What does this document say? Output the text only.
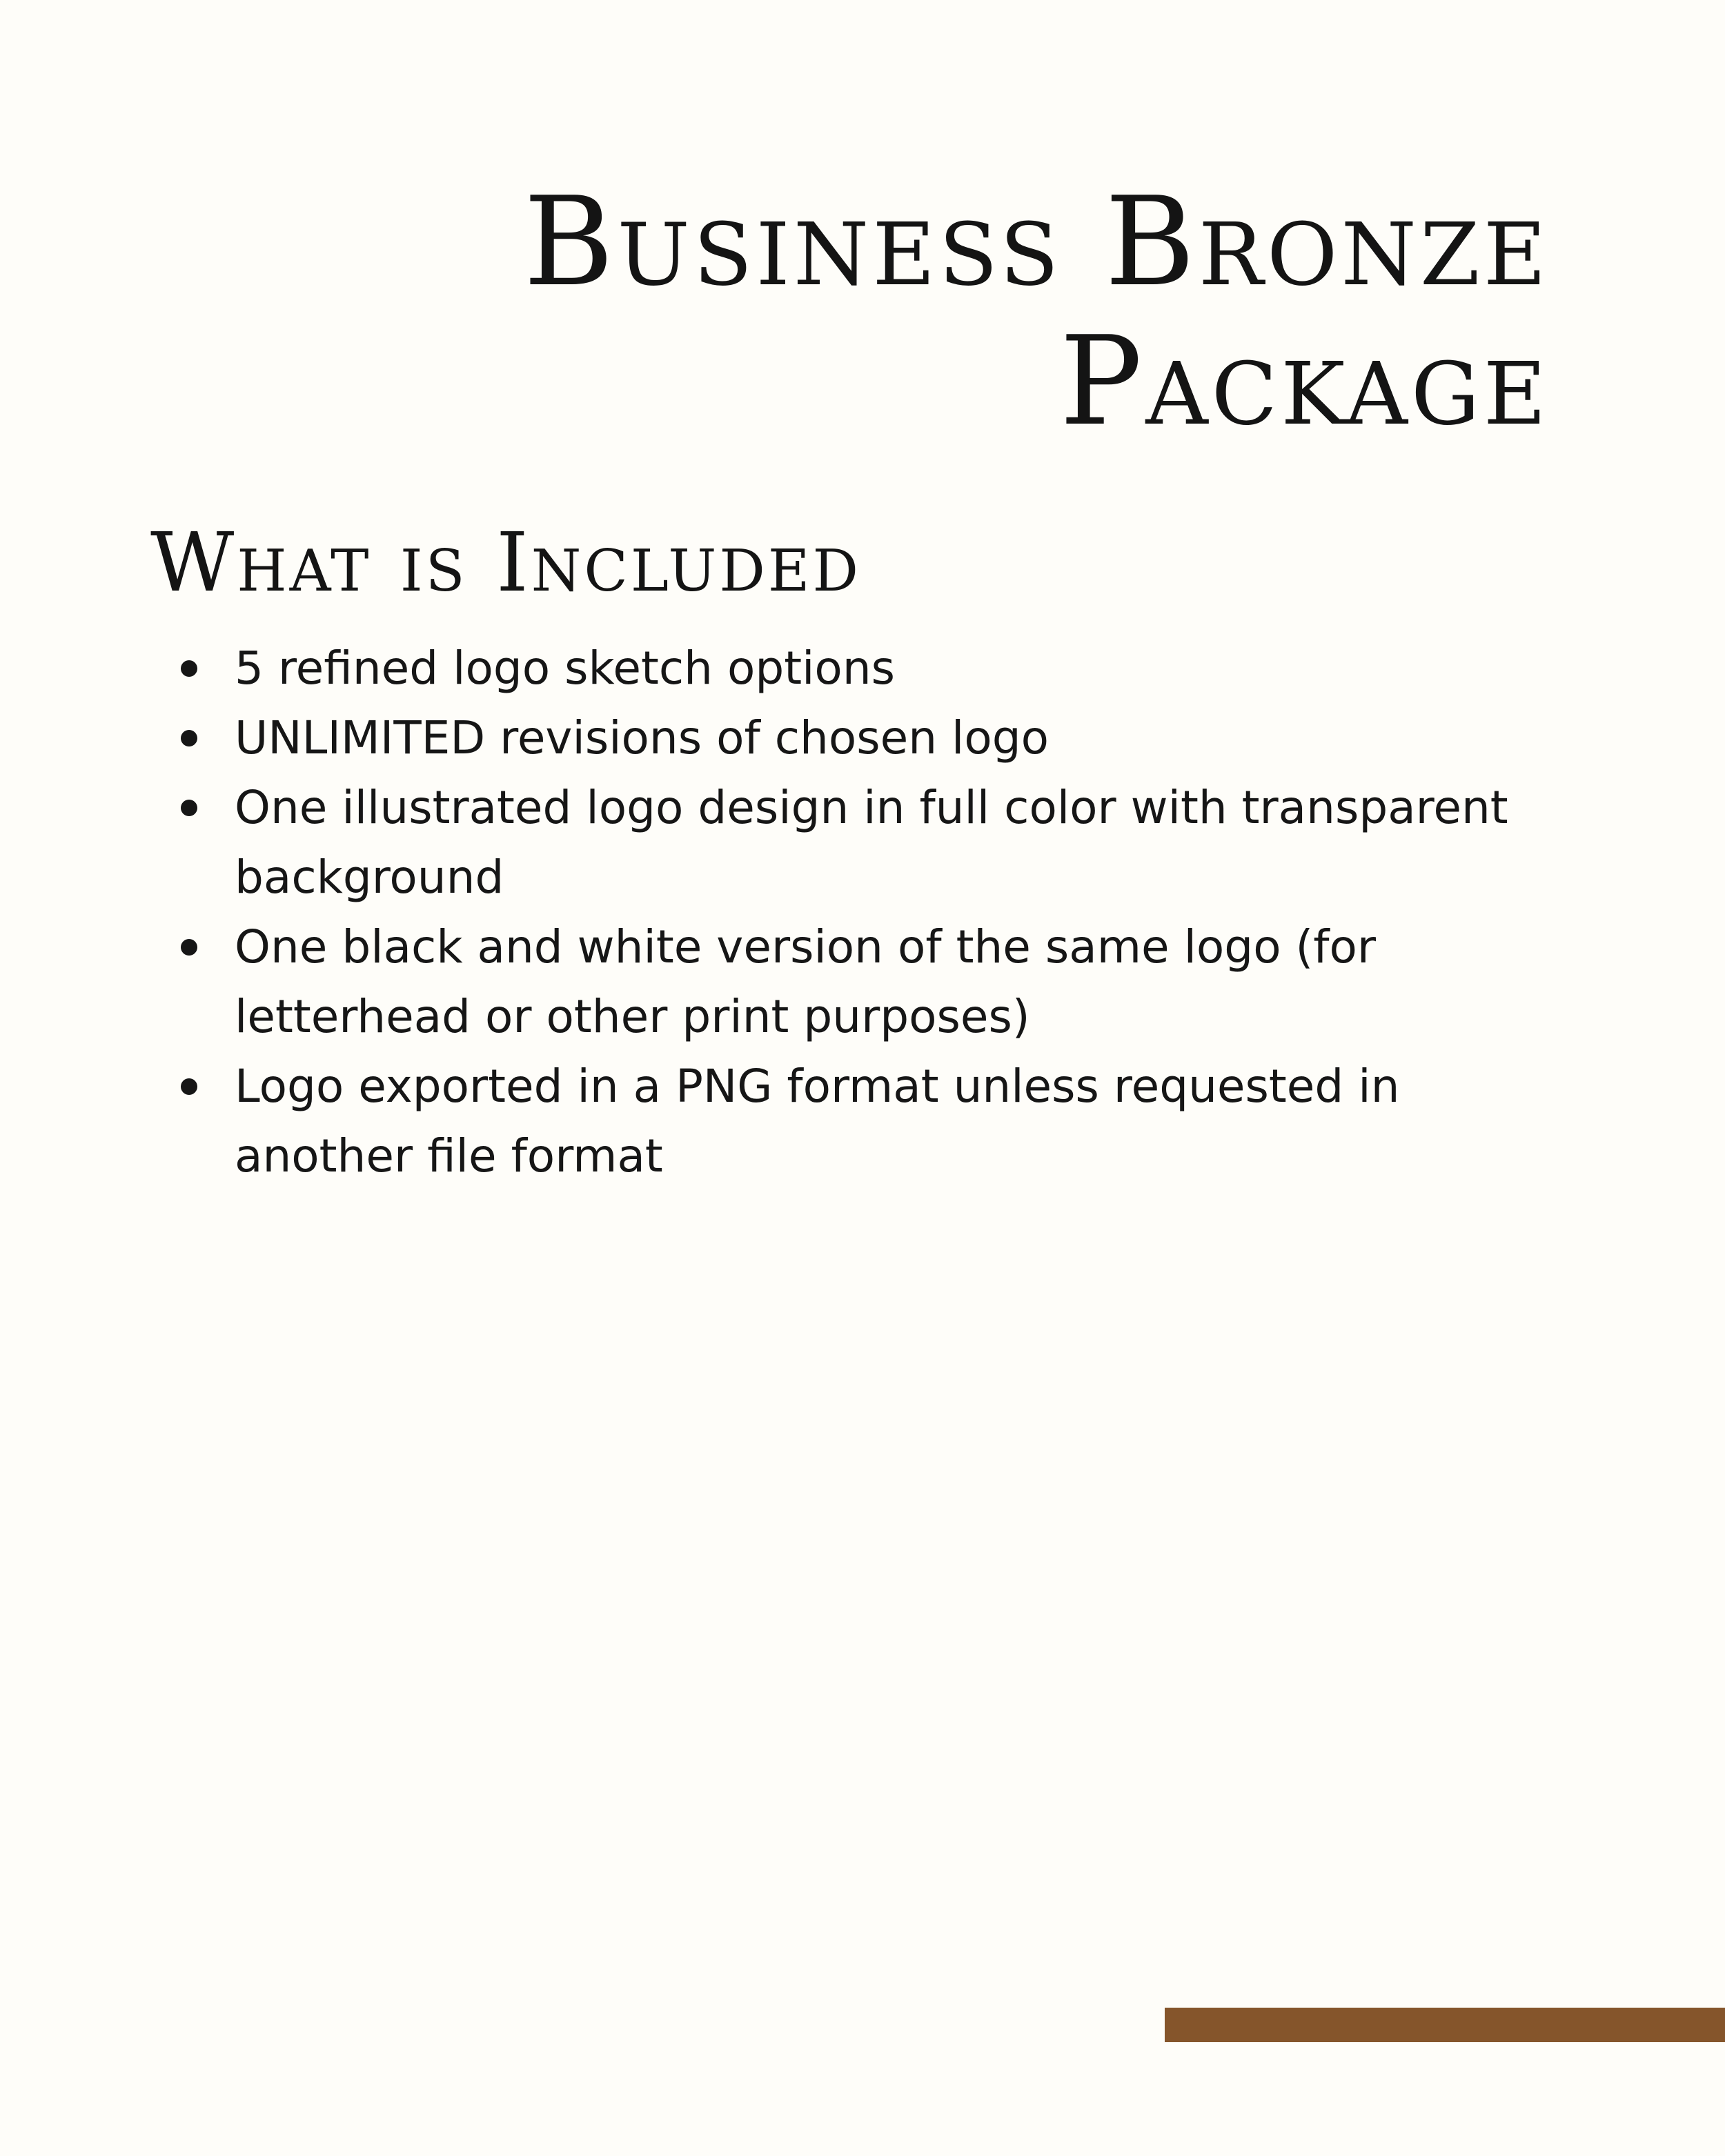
Business Bronze
Package
What is Included
5 refined logo sketch options
UNLIMITED revisions of chosen logo
One illustrated logo design in full color with transparent background
One black and white version of the same logo (for letterhead or other print purposes)
Logo exported in a PNG format unless requested in another file format
